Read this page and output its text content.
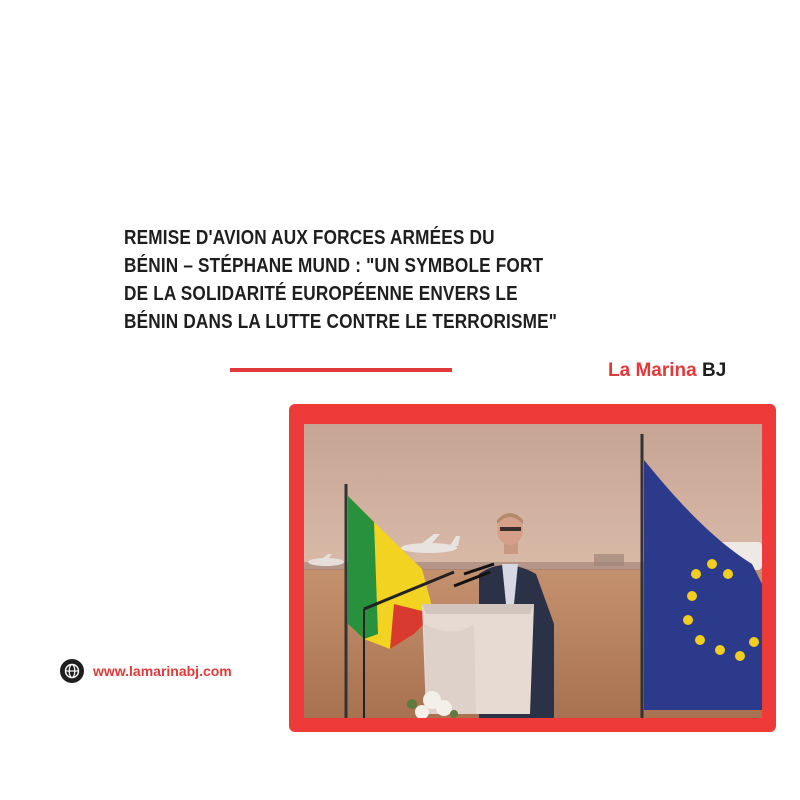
REMISE D'AVION AUX FORCES ARMÉES DU
BÉNIN – STÉPHANE MUND : "UN SYMBOLE FORT
DE LA SOLIDARITÉ EUROPÉENNE ENVERS LE
BÉNIN DANS LA LUTTE CONTRE LE TERRORISME"
La Marina BJ
www.lamarinabj.com
